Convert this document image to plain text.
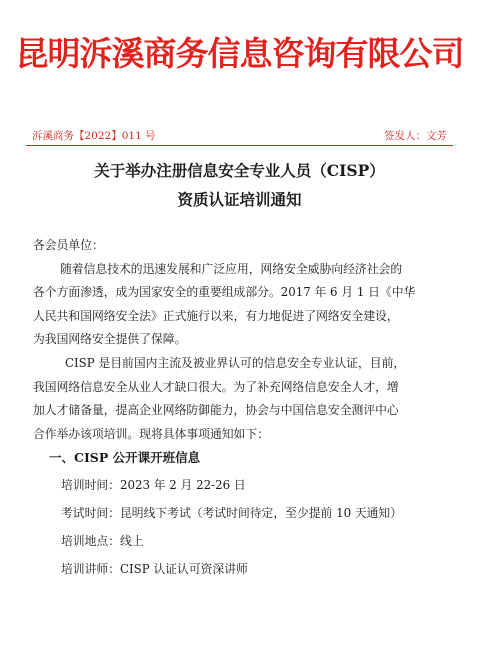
昆明泝溪商务信息咨询有限公司
泝溪商务【2022】011 号	签发人：文芳
关于举办注册信息安全专业人员（CISP）
资质认证培训通知
各会员单位：
随着信息技术的迅速发展和广泛应用，网络安全威胁向经济社会的
各个方面渗透，成为国家安全的重要组成部分。2017 年 6 月 1 日《中华
人民共和国网络安全法》正式施行以来，有力地促进了网络安全建设，
为我国网络安全提供了保障。
CISP 是目前国内主流及被业界认可的信息安全专业认证，目前，
我国网络信息安全从业人才缺口很大。为了补充网络信息安全人才，增
加人才储备量，提高企业网络防御能力，协会与中国信息安全测评中心
合作举办该项培训。现将具体事项通知如下：
一、CISP 公开课开班信息
培训时间：2023 年 2 月 22-26 日
考试时间：昆明线下考试（考试时间待定，至少提前 10 天通知）
培训地点：线上
培训讲师：CISP 认证认可资深讲师
